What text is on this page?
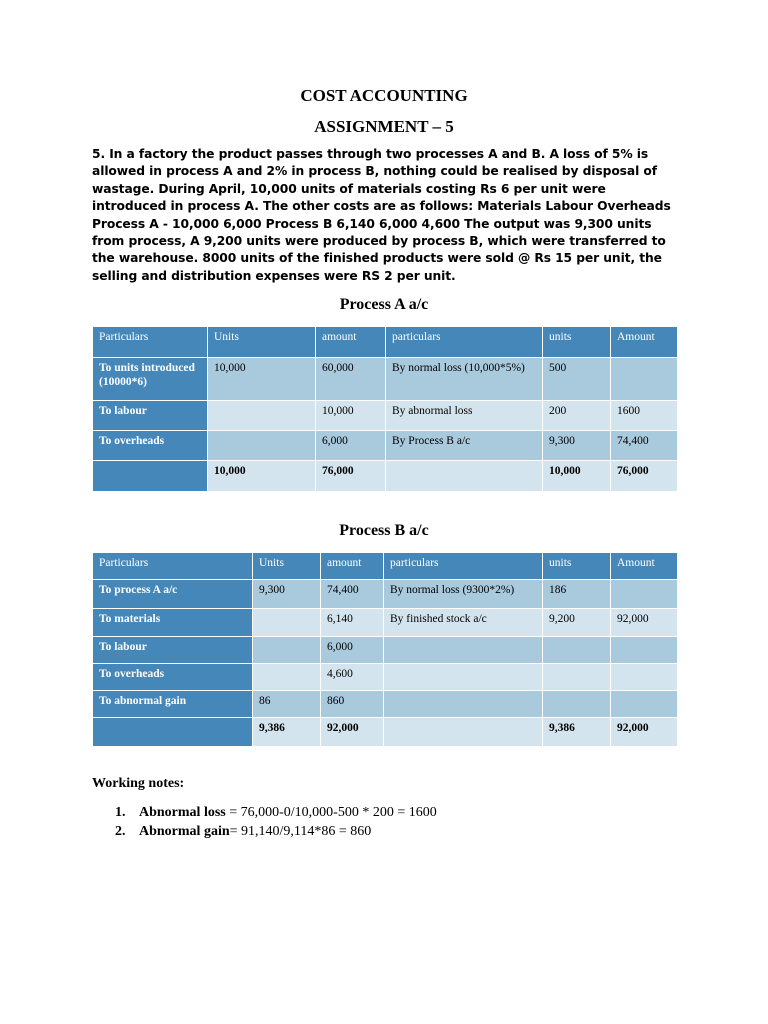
COST ACCOUNTING
ASSIGNMENT – 5
5. In a factory the product passes through two processes A and B. A loss of 5% is allowed in process A and 2% in process B, nothing could be realised by disposal of wastage. During April, 10,000 units of materials costing Rs 6 per unit were introduced in process A. The other costs are as follows: Materials Labour Overheads Process A - 10,000 6,000 Process B 6,140 6,000 4,600 The output was 9,300 units from process, A 9,200 units were produced by process B, which were transferred to the warehouse. 8000 units of the finished products were sold @ Rs 15 per unit, the selling and distribution expenses were RS 2 per unit.
Process A a/c
Particulars	Units	amount	particulars	units	Amount
To units introduced (10000*6)	10,000	60,000	By normal loss (10,000*5%)	500	
To labour		10,000	By abnormal loss	200	1600
To overheads		6,000	By Process B a/c	9,300	74,400
	10,000	76,000		10,000	76,000
Process B a/c
Particulars	Units	amount	particulars	units	Amount
To process A a/c	9,300	74,400	By normal loss (9300*2%)	186	
To materials		6,140	By finished stock a/c	9,200	92,000
To labour		6,000			
To overheads		4,600			
To abnormal gain	86	860			
	9,386	92,000		9,386	92,000
Working notes:
1. Abnormal loss = 76,000-0/10,000-500 * 200 = 1600
2. Abnormal gain= 91,140/9,114*86 = 860
